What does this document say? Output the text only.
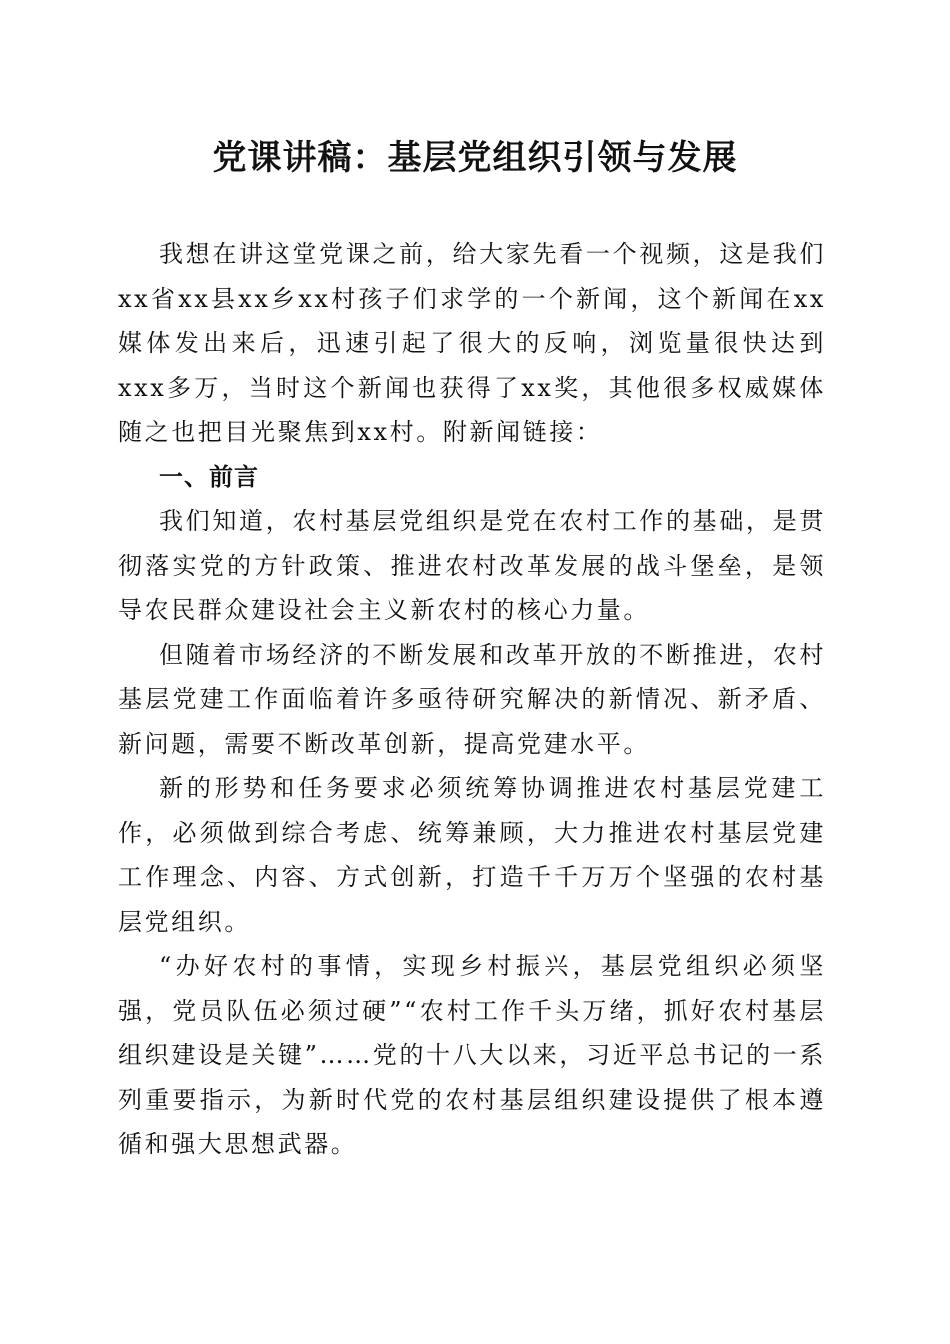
党课讲稿：基层党组织引领与发展

我想在讲这堂党课之前，给大家先看一个视频，这是我们xx省xx县xx乡xx村孩子们求学的一个新闻，这个新闻在xx媒体发出来后，迅速引起了很大的反响，浏览量很快达到xxx多万，当时这个新闻也获得了xx奖，其他很多权威媒体随之也把目光聚焦到xx村。附新闻链接：

一、前言

我们知道，农村基层党组织是党在农村工作的基础，是贯彻落实党的方针政策、推进农村改革发展的战斗堡垒，是领导农民群众建设社会主义新农村的核心力量。

但随着市场经济的不断发展和改革开放的不断推进，农村基层党建工作面临着许多亟待研究解决的新情况、新矛盾、新问题，需要不断改革创新，提高党建水平。

新的形势和任务要求必须统筹协调推进农村基层党建工作，必须做到综合考虑、统筹兼顾，大力推进农村基层党建工作理念、内容、方式创新，打造千千万万个坚强的农村基层党组织。

“办好农村的事情，实现乡村振兴，基层党组织必须坚强，党员队伍必须过硬”“农村工作千头万绪，抓好农村基层组织建设是关键”……党的十八大以来，习近平总书记的一系列重要指示，为新时代党的农村基层组织建设提供了根本遵循和强大思想武器。
